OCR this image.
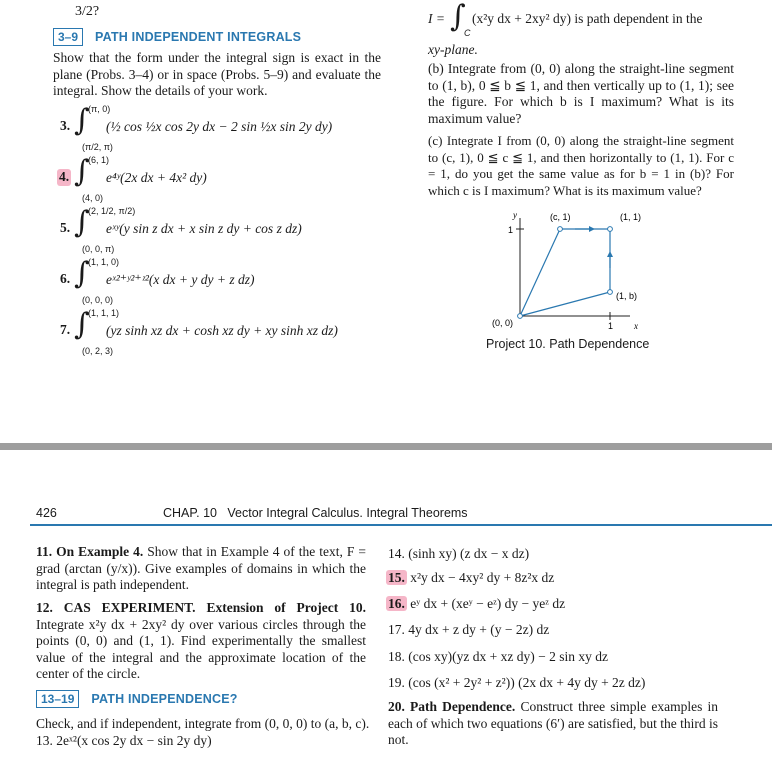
3/2?
3–9	PATH INDEPENDENT INTEGRALS

Show that the form under the integral sign is exact in the plane (Probs. 3–4) or in space (Probs. 5–9) and evaluate the integral. Show the details of your work.

3. ∫
(π, 0)
(π/2, π)
(½ cos ½x cos 2y dx − 2 sin ½x sin 2y dy)
4. ∫
(6, 1)
(4, 0)
e⁴ʸ(2x dx + 4x² dy)
5. ∫
(2, 1/2, π/2)
(0, 0, π)
eˣʸ(y sin z dx + x sin z dy + cos z dz)
6. ∫
(1, 1, 0)
(0, 0, 0)
eˣ²⁺ʸ²⁺ᶻ²(x dx + y dy + z dz)
7. ∫
(1, 1, 1)
(0, 2, 3)
(yz sinh xz dx + cosh xz dy + xy sinh xz dz)
I = ∫
C
(x²y dx + 2xy² dy) is path dependent in the

xy-plane.

(b) Integrate from (0, 0) along the straight-line segment to (1, b), 0 ≦ b ≦ 1, and then vertically up to (1, 1); see the figure. For which b is I maximum? What is its maximum value?

(c) Integrate I from (0, 0) along the straight-line segment to (c, 1), 0 ≦ c ≦ 1, and then horizontally to (1, 1). For c = 1, do you get the same value as for b = 1 in (b)? For which c is I maximum? What is its maximum value?

y
1
(c, 1)	(1, 1)
(1, b)
(0, 0)	1 x

Project 10. Path Dependence

426	CHAP. 10   Vector Integral Calculus. Integral Theorems

11. On Example 4. Show that in Example 4 of the text, F = grad (arctan (y/x)). Give examples of domains in which the integral is path independent.

12. CAS EXPERIMENT. Extension of Project 10. Integrate x²y dx + 2xy² dy over various circles through the points (0, 0) and (1, 1). Find experimentally the smallest value of the integral and the approximate location of the center of the circle.

13–19	PATH INDEPENDENCE?

Check, and if independent, integrate from (0, 0, 0) to (a, b, c).

13. 2eˣ²(x cos 2y dx − sin 2y dy)

14. (sinh xy) (z dx − x dz)

15. x²y dx − 4xy² dy + 8z²x dz

16. eʸ dx + (xeʸ − eᶻ) dy − yeᶻ dz

17. 4y dx + z dy + (y − 2z) dz

18. (cos xy)(yz dx + xz dy) − 2 sin xy dz

19. (cos (x² + 2y² + z²)) (2x dx + 4y dy + 2z dz)

20. Path Dependence. Construct three simple examples in each of which two equations (6′) are satisfied, but the third is not.
